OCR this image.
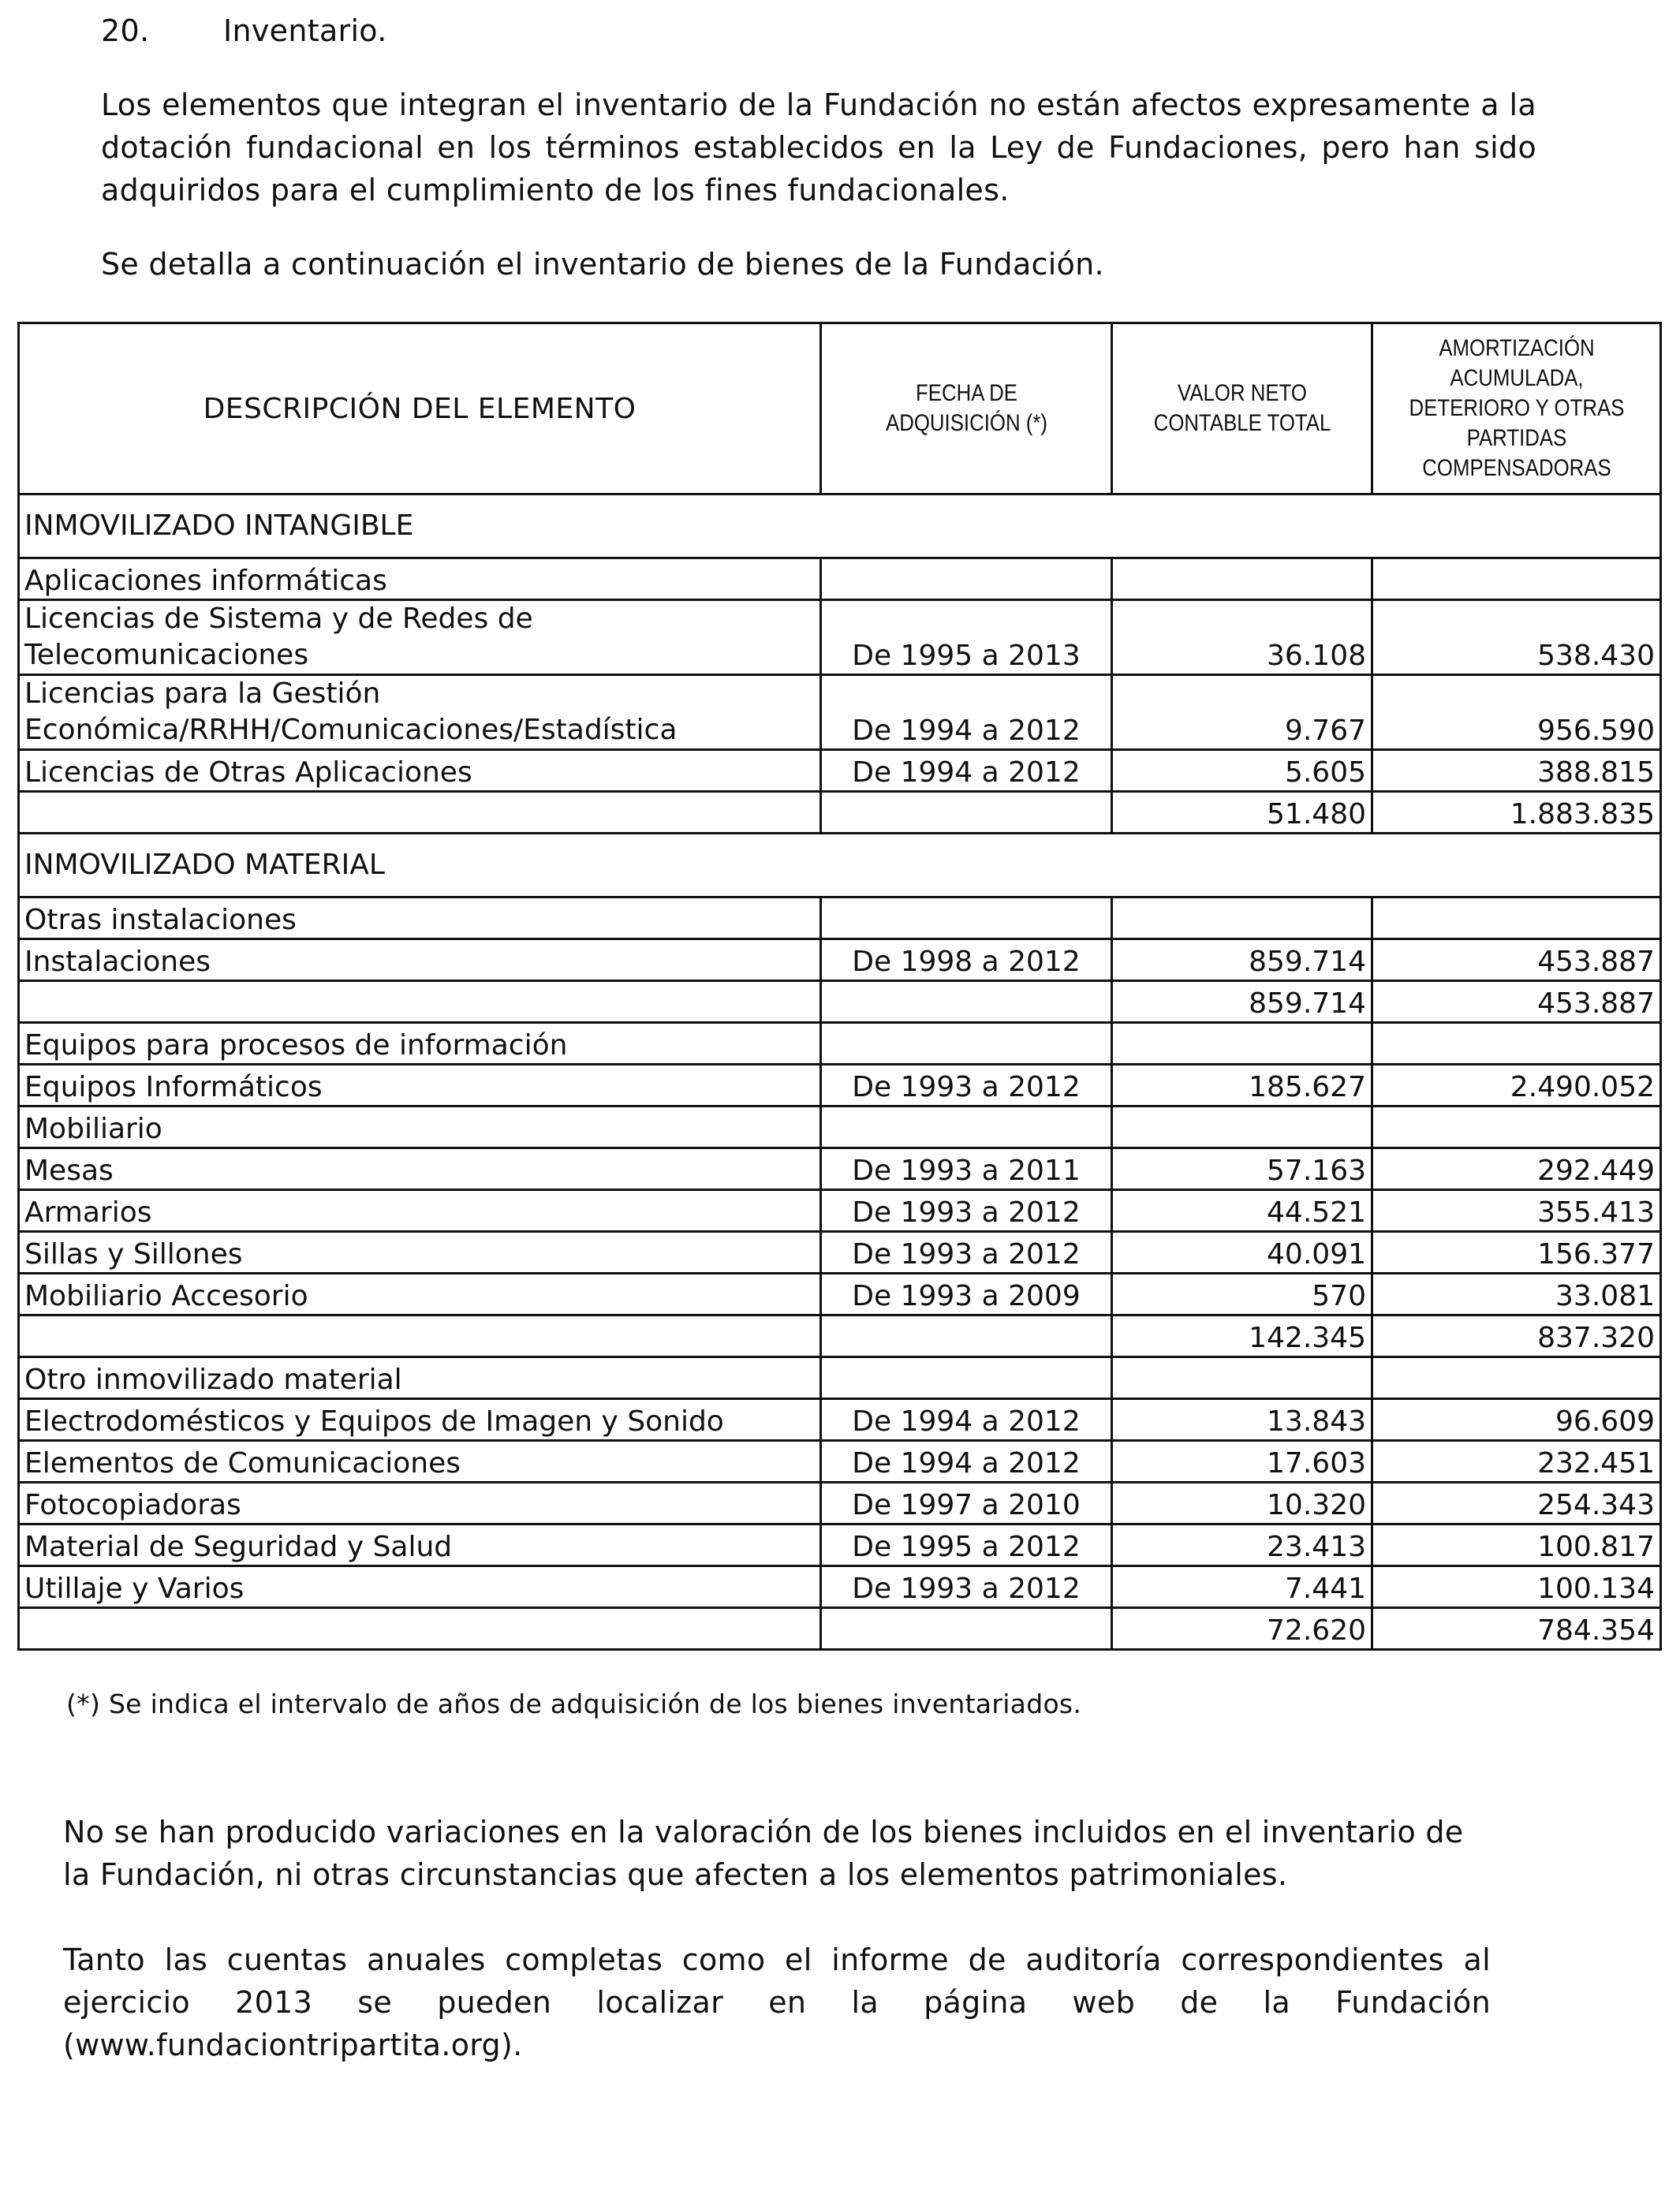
20. Inventario.
Los elementos que integran el inventario de la Fundación no están afectos expresamente a la dotación fundacional en los términos establecidos en la Ley de Fundaciones, pero han sido adquiridos para el cumplimiento de los fines fundacionales.
Se detalla a continuación el inventario de bienes de la Fundación.
DESCRIPCIÓN DEL ELEMENTO	FECHA DE ADQUISICIÓN (*)	VALOR NETO CONTABLE TOTAL	AMORTIZACIÓN ACUMULADA, DETERIORO Y OTRAS PARTIDAS COMPENSADORAS
INMOVILIZADO INTANGIBLE			
Aplicaciones informáticas			
Licencias de Sistema y de Redes de Telecomunicaciones	De 1995 a 2013	36.108	538.430
Licencias para la Gestión Económica/RRHH/Comunicaciones/Estadística	De 1994 a 2012	9.767	956.590
Licencias de Otras Aplicaciones	De 1994 a 2012	5.605	388.815
		51.480	1.883.835
INMOVILIZADO MATERIAL			
Otras instalaciones			
Instalaciones	De 1998 a 2012	859.714	453.887
		859.714	453.887
Equipos para procesos de información			
Equipos Informáticos	De 1993 a 2012	185.627	2.490.052
Mobiliario			
Mesas	De 1993 a 2011	57.163	292.449
Armarios	De 1993 a 2012	44.521	355.413
Sillas y Sillones	De 1993 a 2012	40.091	156.377
Mobiliario Accesorio	De 1993 a 2009	570	33.081
		142.345	837.320
Otro inmovilizado material			
Electrodomésticos y Equipos de Imagen y Sonido	De 1994 a 2012	13.843	96.609
Elementos de Comunicaciones	De 1994 a 2012	17.603	232.451
Fotocopiadoras	De 1997 a 2010	10.320	254.343
Material de Seguridad y Salud	De 1995 a 2012	23.413	100.817
Utillaje y Varios	De 1993 a 2012	7.441	100.134
		72.620	784.354
(*) Se indica el intervalo de años de adquisición de los bienes inventariados.
No se han producido variaciones en la valoración de los bienes incluidos en el inventario de la Fundación, ni otras circunstancias que afecten a los elementos patrimoniales.
Tanto las cuentas anuales completas como el informe de auditoría correspondientes al ejercicio 2013 se pueden localizar en la página web de la Fundación (www.fundaciontripartita.org).
